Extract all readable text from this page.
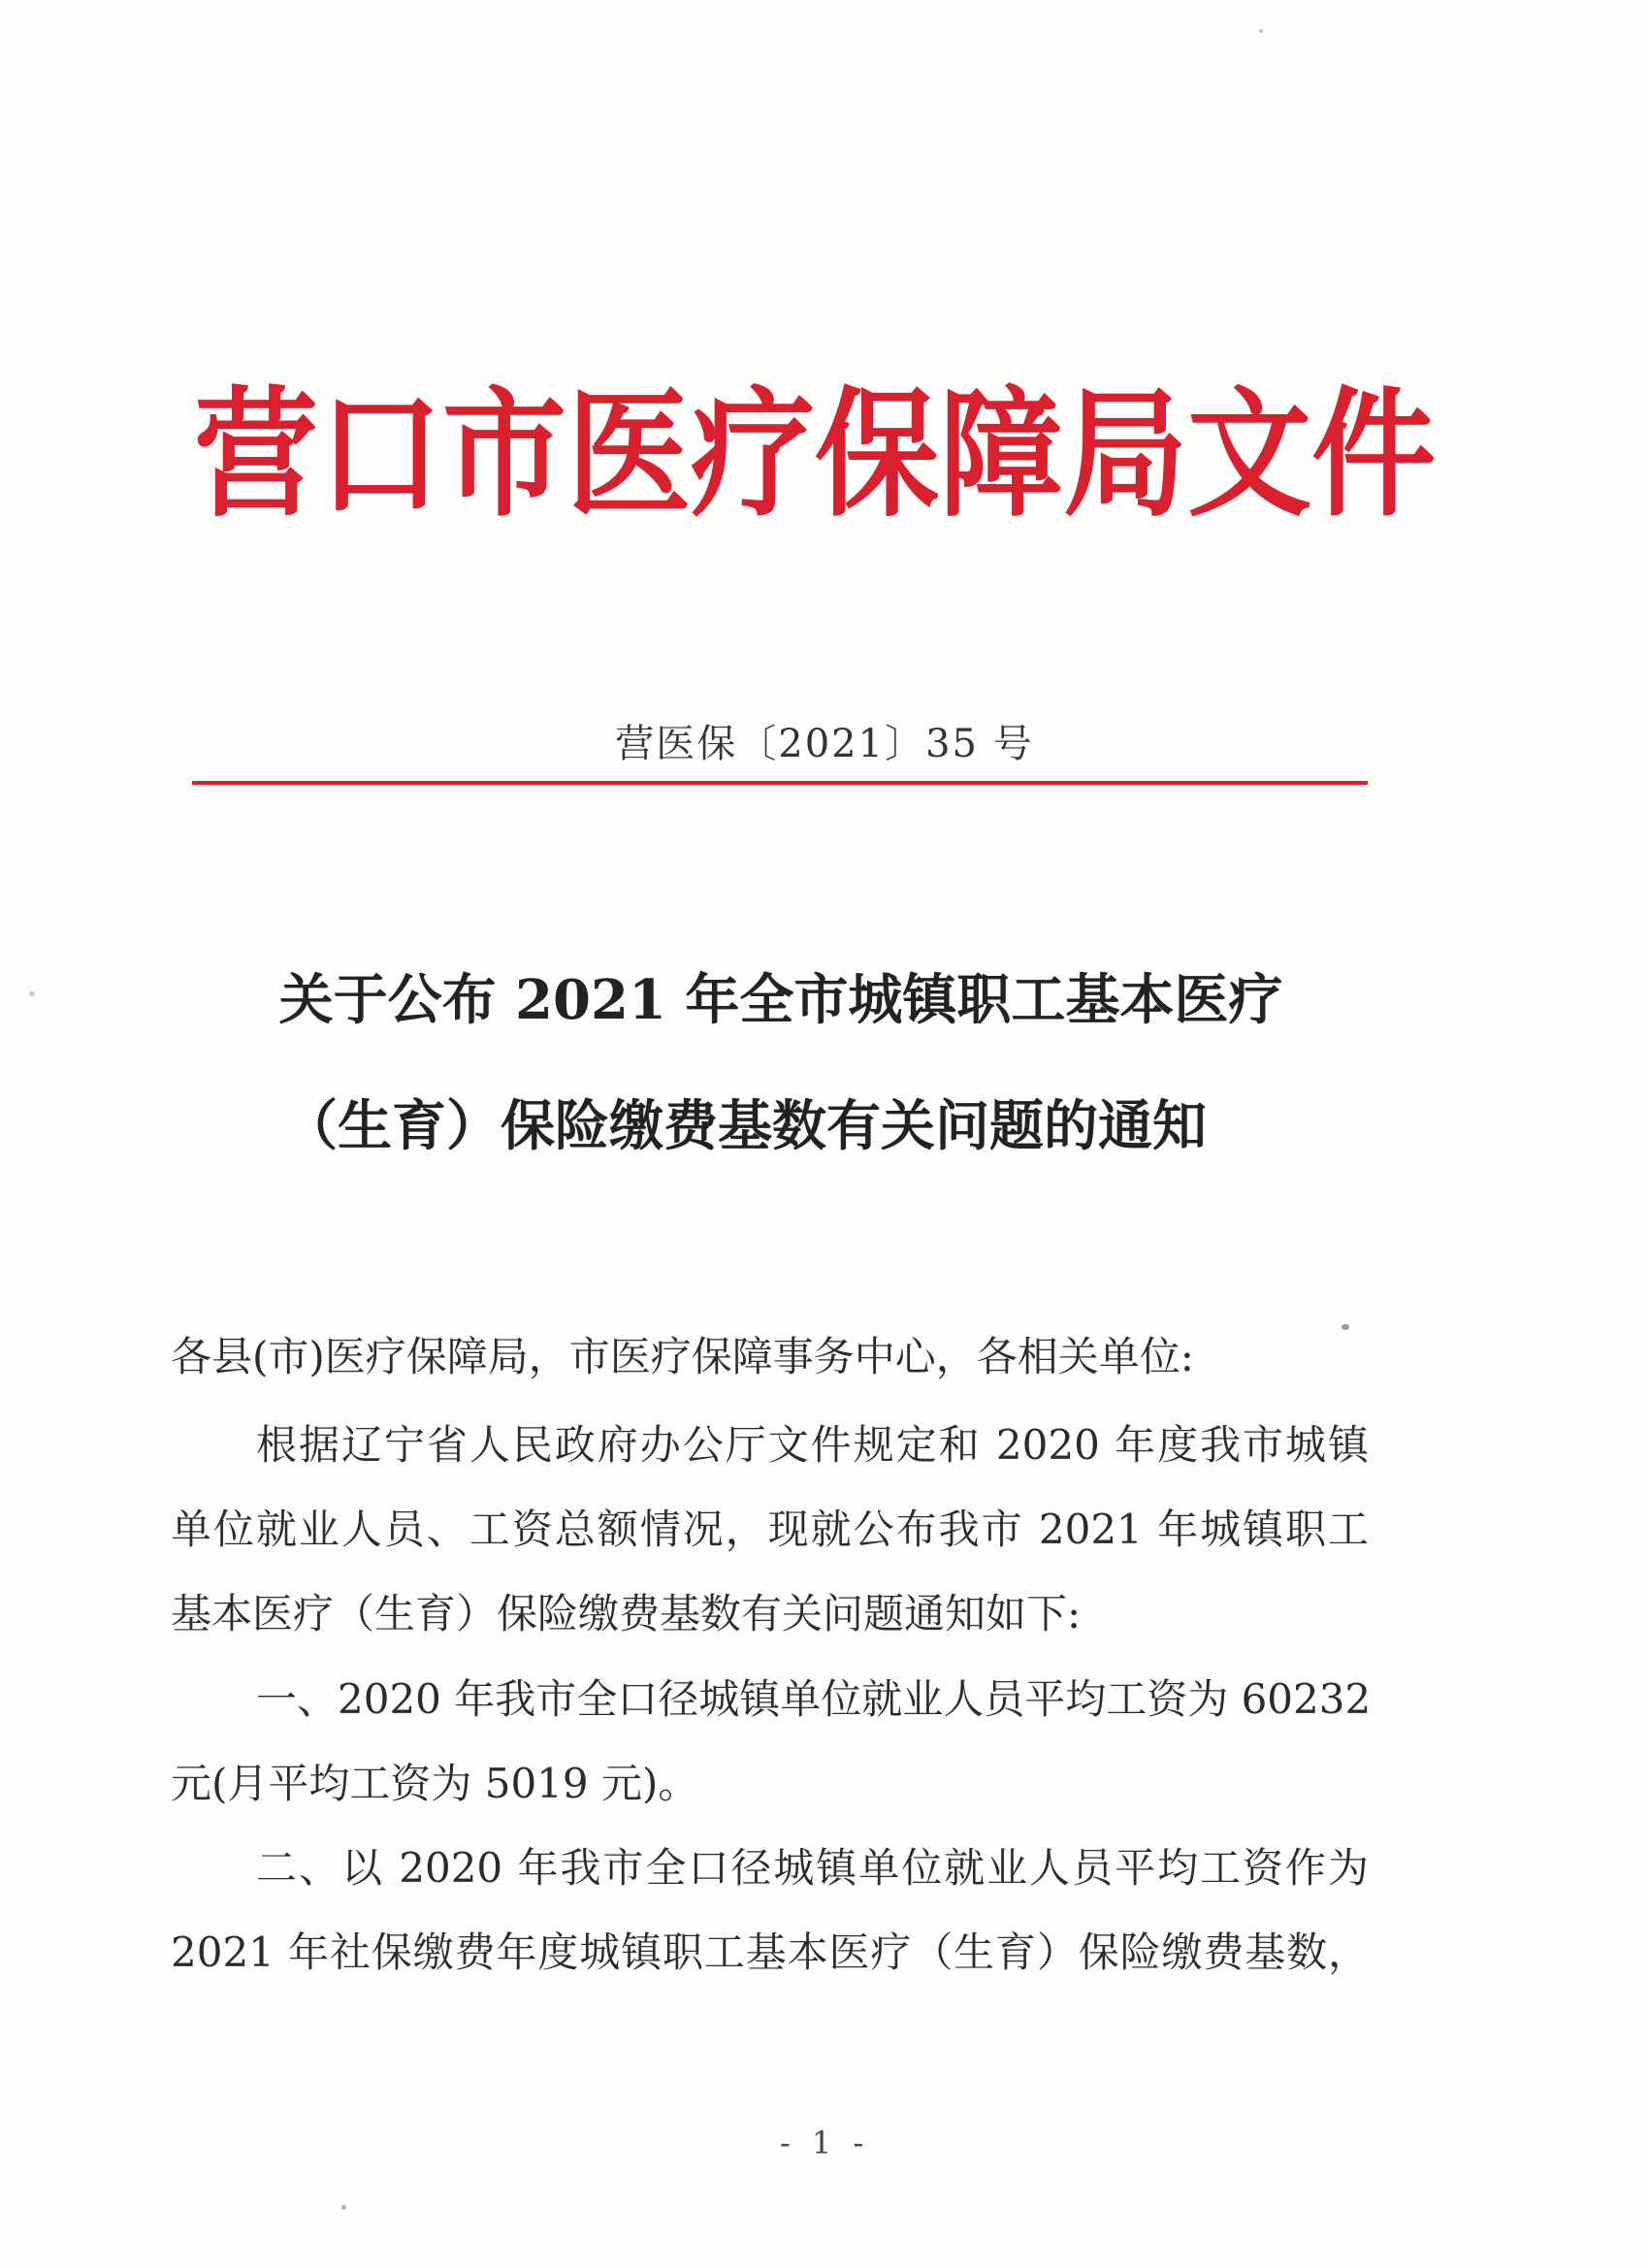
营 口 市 医 疗 保 障 局 文 件
营医保〔2021〕35 号
关于公布 2021 年全市城镇职工基本医疗
（生育）保险缴费基数有关问题的通知
各县(市)医疗保障局，市医疗保障事务中心，各相关单位:
根据辽宁省人民政府办公厅文件规定和 2020 年度我市城镇
单位就业人员、工资总额情况，现就公布我市 2021 年城镇职工
基本医疗（生育）保险缴费基数有关问题通知如下:
一、2020 年我市全口径城镇单位就业人员平均工资为 60232
元(月平均工资为 5019 元)。
二、以 2020 年我市全口径城镇单位就业人员平均工资作为
2021 年社保缴费年度城镇职工基本医疗（生育）保险缴费基数，
- 1 -
